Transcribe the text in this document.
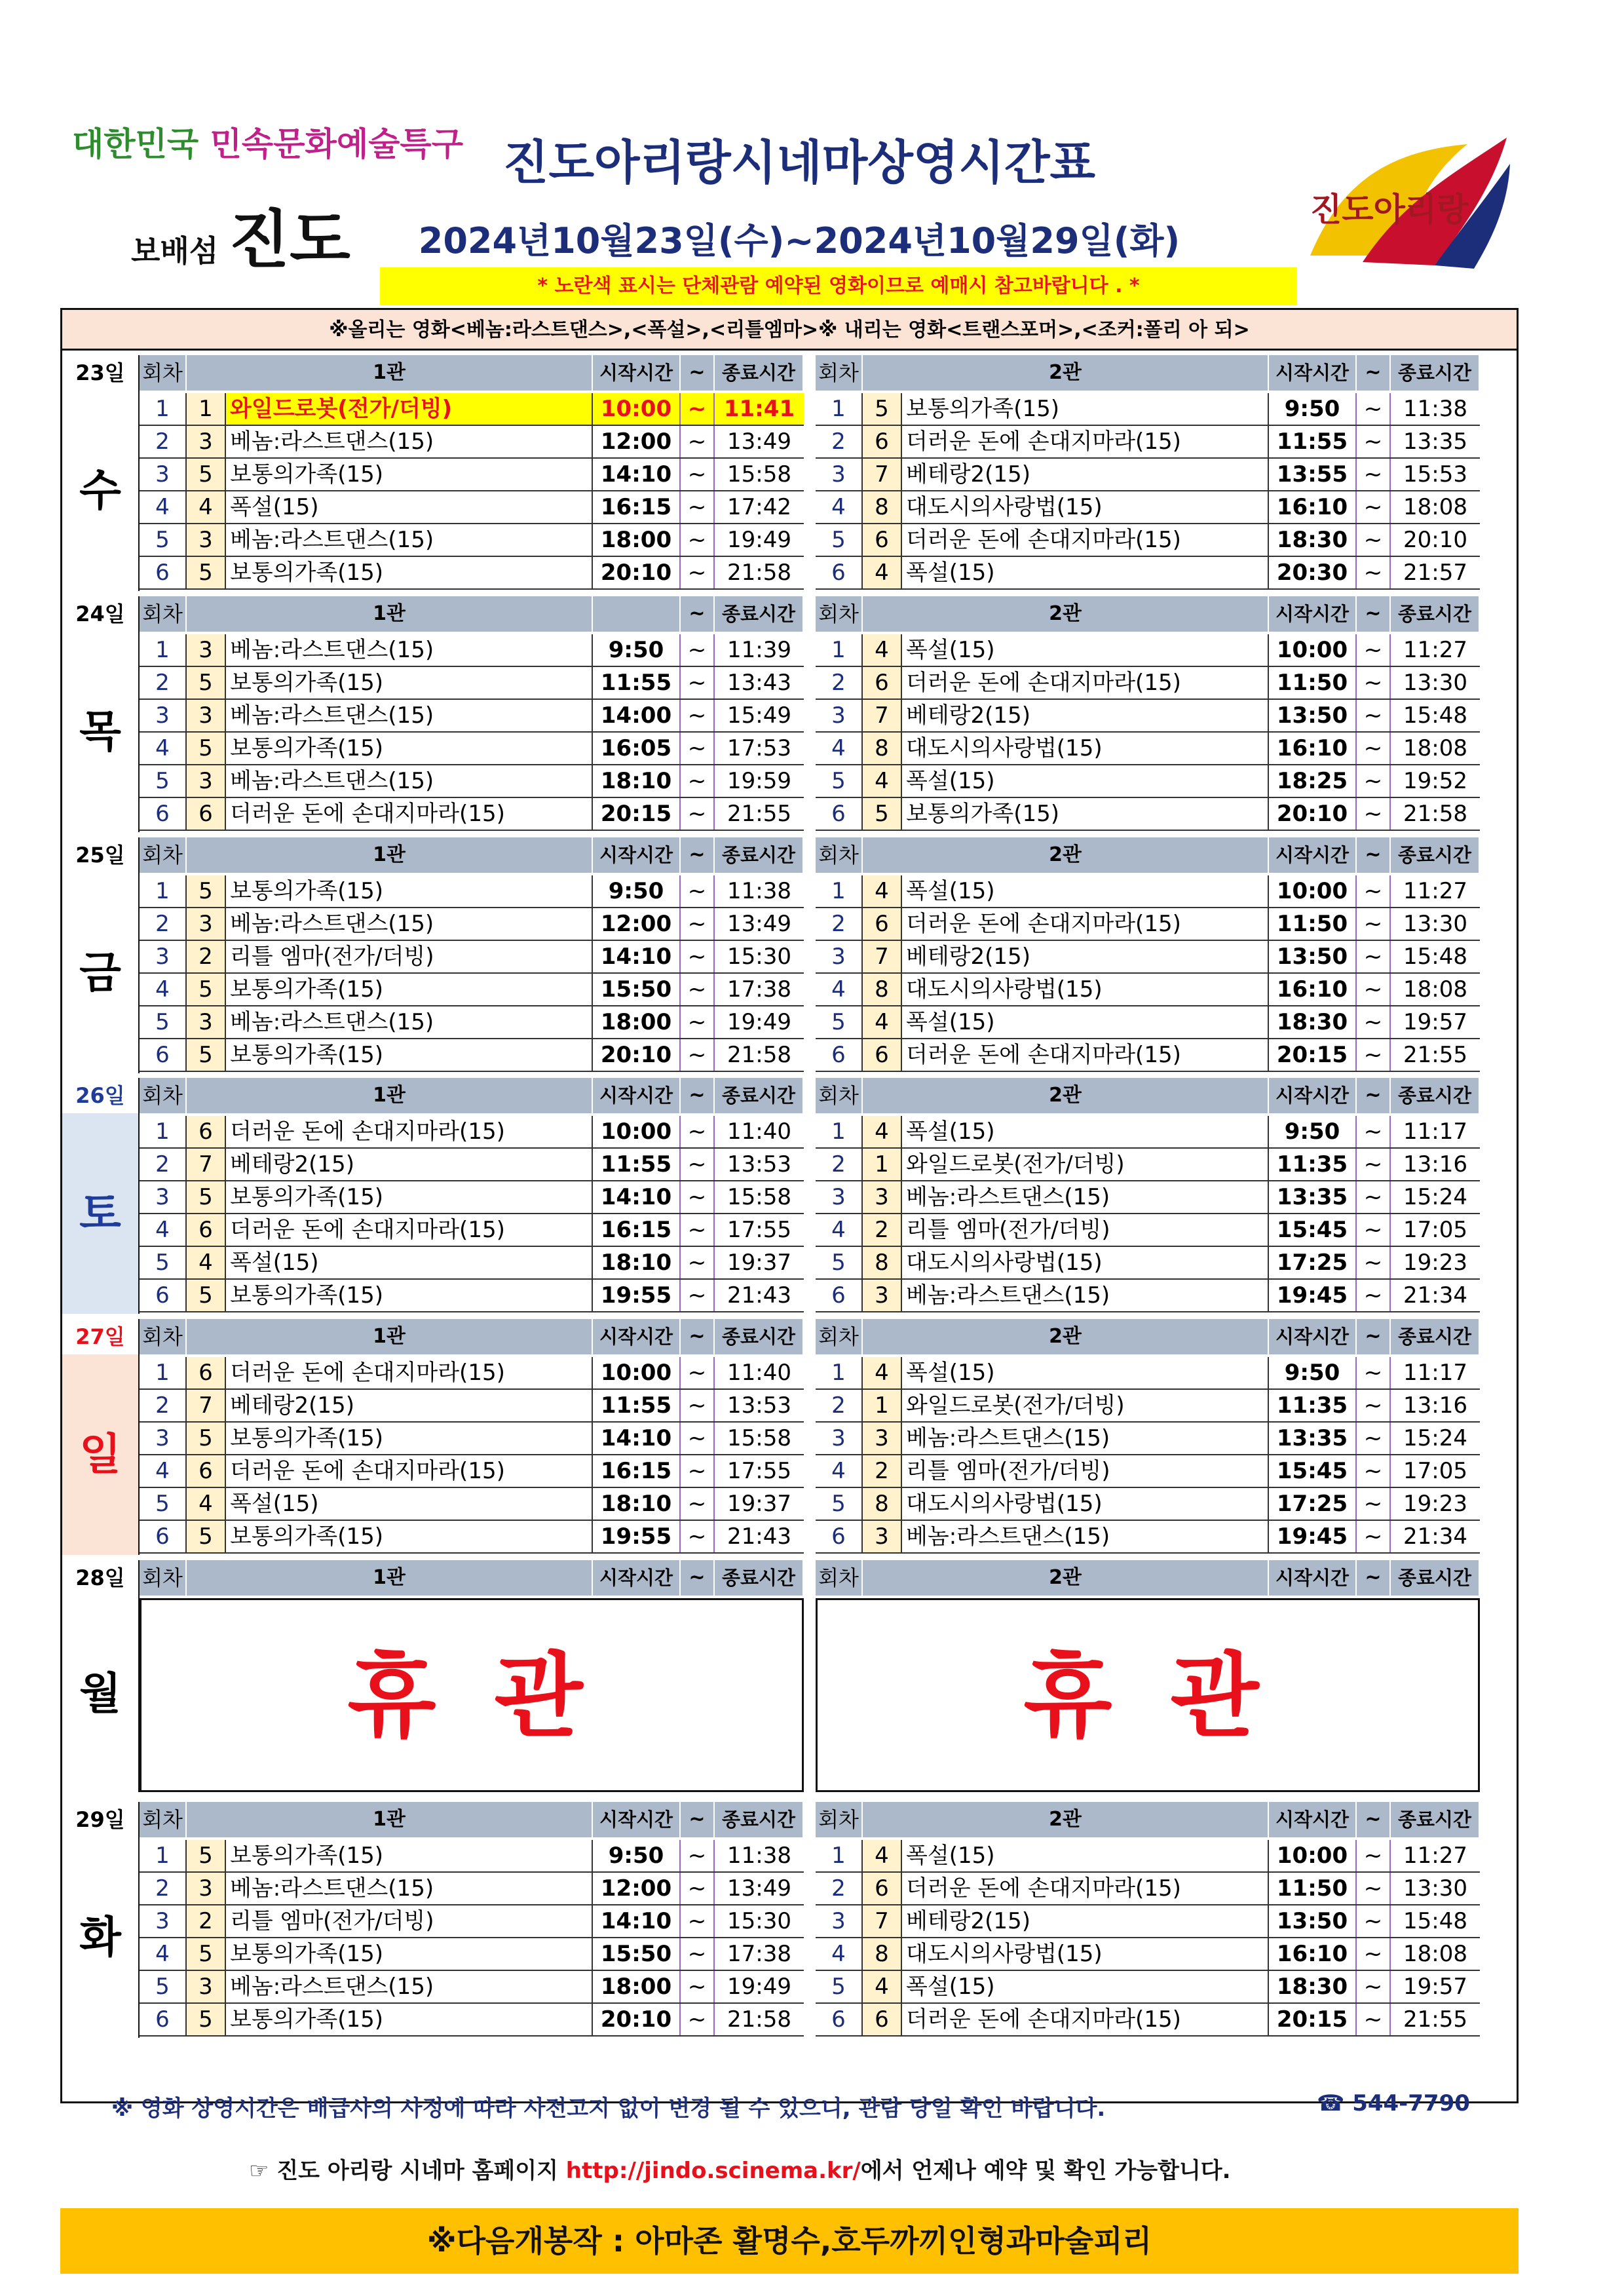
대한민국 민속문화예술특구
보배섬 진도
진도아리랑시네마상영시간표
2024년10월23일(수)~2024년10월29일(화)
* 노란색 표시는 단체관람 예약된 영화이므로 예매시 참고바랍니다 . *
진도아리랑
※올리는 영화<베놈:라스트댄스>,<폭설>,<리틀엠마>※ 내리는 영화<트랜스포머>,<조커:폴리 아 되>
23일
수
회차	1관	시작시간 ~ 종료시간
1	1 와일드로봇(전가/더빙)	10:00 ~ 11:41
2	3 베놈:라스트댄스(15)	12:00 ~ 13:49
3	5 보통의가족(15)	14:10 ~ 15:58
4	4 폭설(15)	16:15 ~ 17:42
5	3 베놈:라스트댄스(15)	18:00 ~ 19:49
6	5 보통의가족(15)	20:10 ~ 21:58
회차	2관	시작시간 ~ 종료시간
1	5 보통의가족(15)	9:50	~ 11:38
2	6 더러운 돈에 손대지마라(15)	11:55 ~ 13:35
3	7 베테랑2(15)	13:55 ~ 15:53
4	8 대도시의사랑법(15)	16:10 ~ 18:08
5	6 더러운 돈에 손대지마라(15)	18:30 ~ 20:10
6	4 폭설(15)	20:30 ~ 21:57
24일
목
회차	1관	~ 종료시간
1	3 베놈:라스트댄스(15)	9:50	~ 11:39
2	5 보통의가족(15)	11:55 ~ 13:43
3	3 베놈:라스트댄스(15)	14:00 ~ 15:49
4	5 보통의가족(15)	16:05 ~ 17:53
5	3 베놈:라스트댄스(15)	18:10 ~ 19:59
6	6 더러운 돈에 손대지마라(15)	20:15 ~ 21:55
회차	2관	시작시간 ~ 종료시간
1	4 폭설(15)	10:00 ~ 11:27
2	6 더러운 돈에 손대지마라(15)	11:50 ~ 13:30
3	7 베테랑2(15)	13:50 ~ 15:48
4	8 대도시의사랑법(15)	16:10 ~ 18:08
5	4 폭설(15)	18:25 ~ 19:52
6	5 보통의가족(15)	20:10 ~ 21:58
25일
금
회차	1관	시작시간 ~ 종료시간
1	5 보통의가족(15)	9:50	~ 11:38
2	3 베놈:라스트댄스(15)	12:00 ~ 13:49
3	2 리틀 엠마(전가/더빙)	14:10 ~ 15:30
4	5 보통의가족(15)	15:50 ~ 17:38
5	3 베놈:라스트댄스(15)	18:00 ~ 19:49
6	5 보통의가족(15)	20:10 ~ 21:58
회차	2관	시작시간 ~ 종료시간
1	4 폭설(15)	10:00 ~ 11:27
2	6 더러운 돈에 손대지마라(15)	11:50 ~ 13:30
3	7 베테랑2(15)	13:50 ~ 15:48
4	8 대도시의사랑법(15)	16:10 ~ 18:08
5	4 폭설(15)	18:30 ~ 19:57
6	6 더러운 돈에 손대지마라(15)	20:15 ~ 21:55
26일
토
회차	1관	시작시간 ~ 종료시간
1	6 더러운 돈에 손대지마라(15)	10:00 ~ 11:40
2	7 베테랑2(15)	11:55 ~ 13:53
3	5 보통의가족(15)	14:10 ~ 15:58
4	6 더러운 돈에 손대지마라(15)	16:15 ~ 17:55
5	4 폭설(15)	18:10 ~ 19:37
6	5 보통의가족(15)	19:55 ~ 21:43
회차	2관	시작시간 ~ 종료시간
1	4 폭설(15)	9:50	~ 11:17
2	1 와일드로봇(전가/더빙)	11:35 ~ 13:16
3	3 베놈:라스트댄스(15)	13:35 ~ 15:24
4	2 리틀 엠마(전가/더빙)	15:45 ~ 17:05
5	8 대도시의사랑법(15)	17:25 ~ 19:23
6	3 베놈:라스트댄스(15)	19:45 ~ 21:34
27일
일
회차	1관	시작시간 ~ 종료시간
1	6 더러운 돈에 손대지마라(15)	10:00 ~ 11:40
2	7 베테랑2(15)	11:55 ~ 13:53
3	5 보통의가족(15)	14:10 ~ 15:58
4	6 더러운 돈에 손대지마라(15)	16:15 ~ 17:55
5	4 폭설(15)	18:10 ~ 19:37
6	5 보통의가족(15)	19:55 ~ 21:43
회차	2관	시작시간 ~ 종료시간
1	4 폭설(15)	9:50	~ 11:17
2	1 와일드로봇(전가/더빙)	11:35 ~ 13:16
3	3 베놈:라스트댄스(15)	13:35 ~ 15:24
4	2 리틀 엠마(전가/더빙)	15:45 ~ 17:05
5	8 대도시의사랑법(15)	17:25 ~ 19:23
6	3 베놈:라스트댄스(15)	19:45 ~ 21:34
28일
월
회차	1관	시작시간 ~ 종료시간
휴 관
회차	2관	시작시간 ~ 종료시간
휴 관
29일
화
회차	1관	시작시간 ~ 종료시간
1	5 보통의가족(15)	9:50	~ 11:38
2	3 베놈:라스트댄스(15)	12:00 ~ 13:49
3	2 리틀 엠마(전가/더빙)	14:10 ~ 15:30
4	5 보통의가족(15)	15:50 ~ 17:38
5	3 베놈:라스트댄스(15)	18:00 ~ 19:49
6	5 보통의가족(15)	20:10 ~ 21:58
회차	2관	시작시간 ~ 종료시간
1	4 폭설(15)	10:00 ~ 11:27
2	6 더러운 돈에 손대지마라(15)	11:50 ~ 13:30
3	7 베테랑2(15)	13:50 ~ 15:48
4	8 대도시의사랑법(15)	16:10 ~ 18:08
5	4 폭설(15)	18:30 ~ 19:57
6	6 더러운 돈에 손대지마라(15)	20:15 ~ 21:55
※ 영화 상영시간은 배급사의 사정에 따라 사전고지 없이 변경 될 수 있으니, 관람 당일 확인 바랍니다.	☎ 544-7790
☞ 진도 아리랑 시네마 홈페이지 http://jindo.scinema.kr/에서 언제나 예약 및 확인 가능합니다.
※다음개봉작 : 아마존 활명수,호두까끼인형과마술피리
